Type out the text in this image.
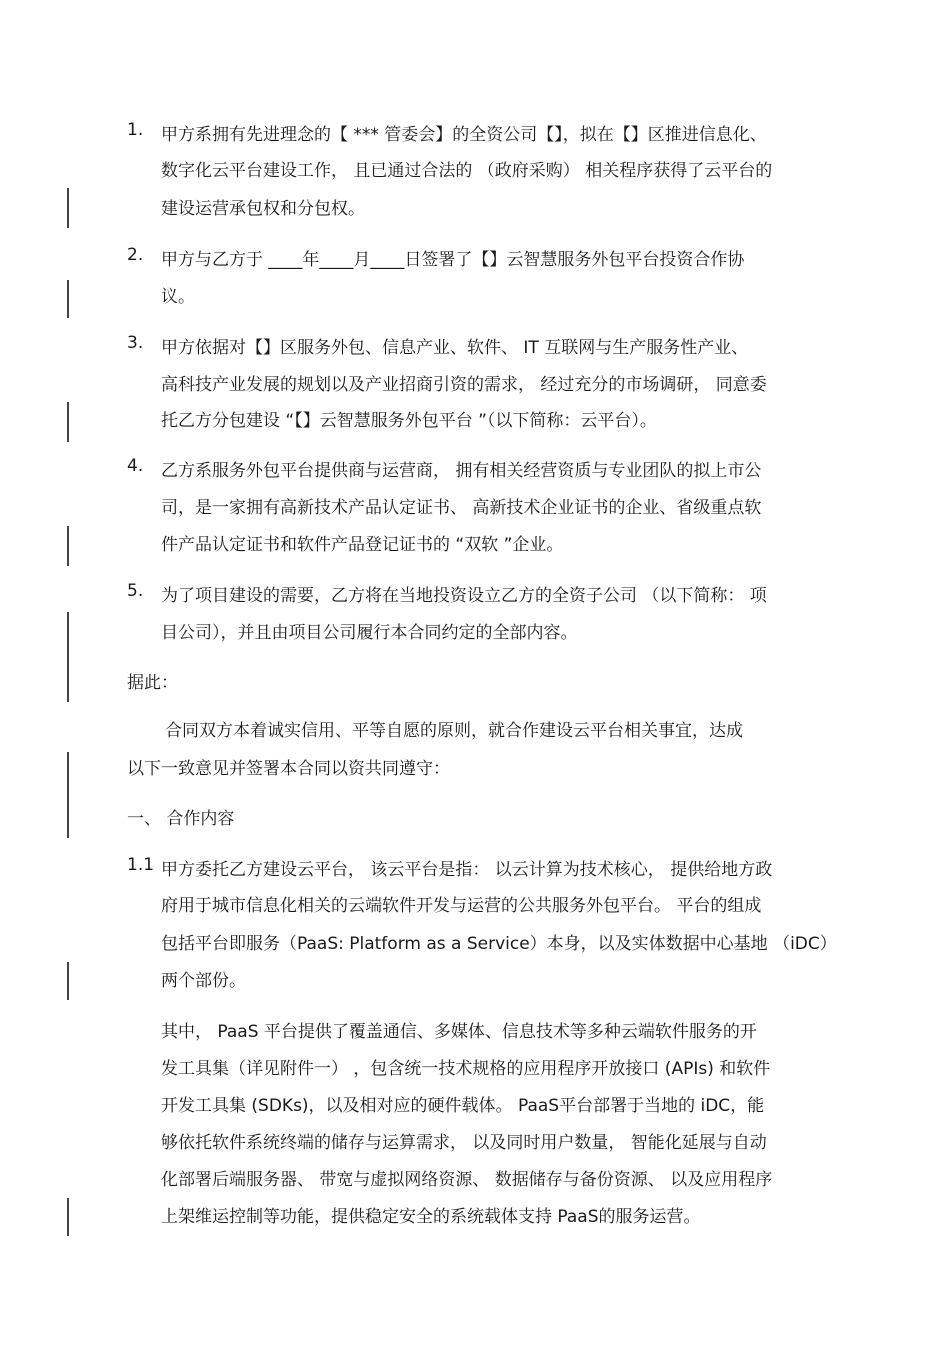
1.	甲方系拥有先进理念的【 *** 管委会】的全资公司【】，拟在【】区推进信息化、
数字化云平台建设工作， 且已通过合法的 （政府采购） 相关程序获得了云平台的
建设运营承包权和分包权。
2.	甲方与乙方于 ____年____月____日签署了【】云智慧服务外包平台投资合作协
议。
3.	甲方依据对【】区服务外包、信息产业、软件、 IT 互联网与生产服务性产业、
高科技产业发展的规划以及产业招商引资的需求， 经过充分的市场调研， 同意委
托乙方分包建设 “【】云智慧服务外包平台 ”（以下简称：云平台）。
4.	乙方系服务外包平台提供商与运营商， 拥有相关经营资质与专业团队的拟上市公
司，是一家拥有高新技术产品认定证书、 高新技术企业证书的企业、省级重点软
件产品认定证书和软件产品登记证书的 “双软 ”企业。
5.	为了项目建设的需要，乙方将在当地投资设立乙方的全资子公司 （以下简称： 项
目公司），并且由项目公司履行本合同约定的全部内容。
据此：
合同双方本着诚实信用、平等自愿的原则，就合作建设云平台相关事宜，达成
以下一致意见并签署本合同以资共同遵守：
一、 合作内容
1.1 甲方委托乙方建设云平台， 该云平台是指： 以云计算为技术核心， 提供给地方政
府用于城市信息化相关的云端软件开发与运营的公共服务外包平台。 平台的组成
包括平台即服务（PaaS: Platform as a Service）本身，以及实体数据中心基地 （iDC）
两个部份。
其中， PaaS 平台提供了覆盖通信、多媒体、信息技术等多种云端软件服务的开
发工具集（详见附件一） ，包含统一技术规格的应用程序开放接口 (APIs) 和软件
开发工具集 (SDKs)，以及相对应的硬件载体。 PaaS平台部署于当地的 iDC，能
够依托软件系统终端的储存与运算需求， 以及同时用户数量， 智能化延展与自动
化部署后端服务器、 带宽与虚拟网络资源、 数据储存与备份资源、 以及应用程序
上架维运控制等功能，提供稳定安全的系统载体支持 PaaS的服务运营。
